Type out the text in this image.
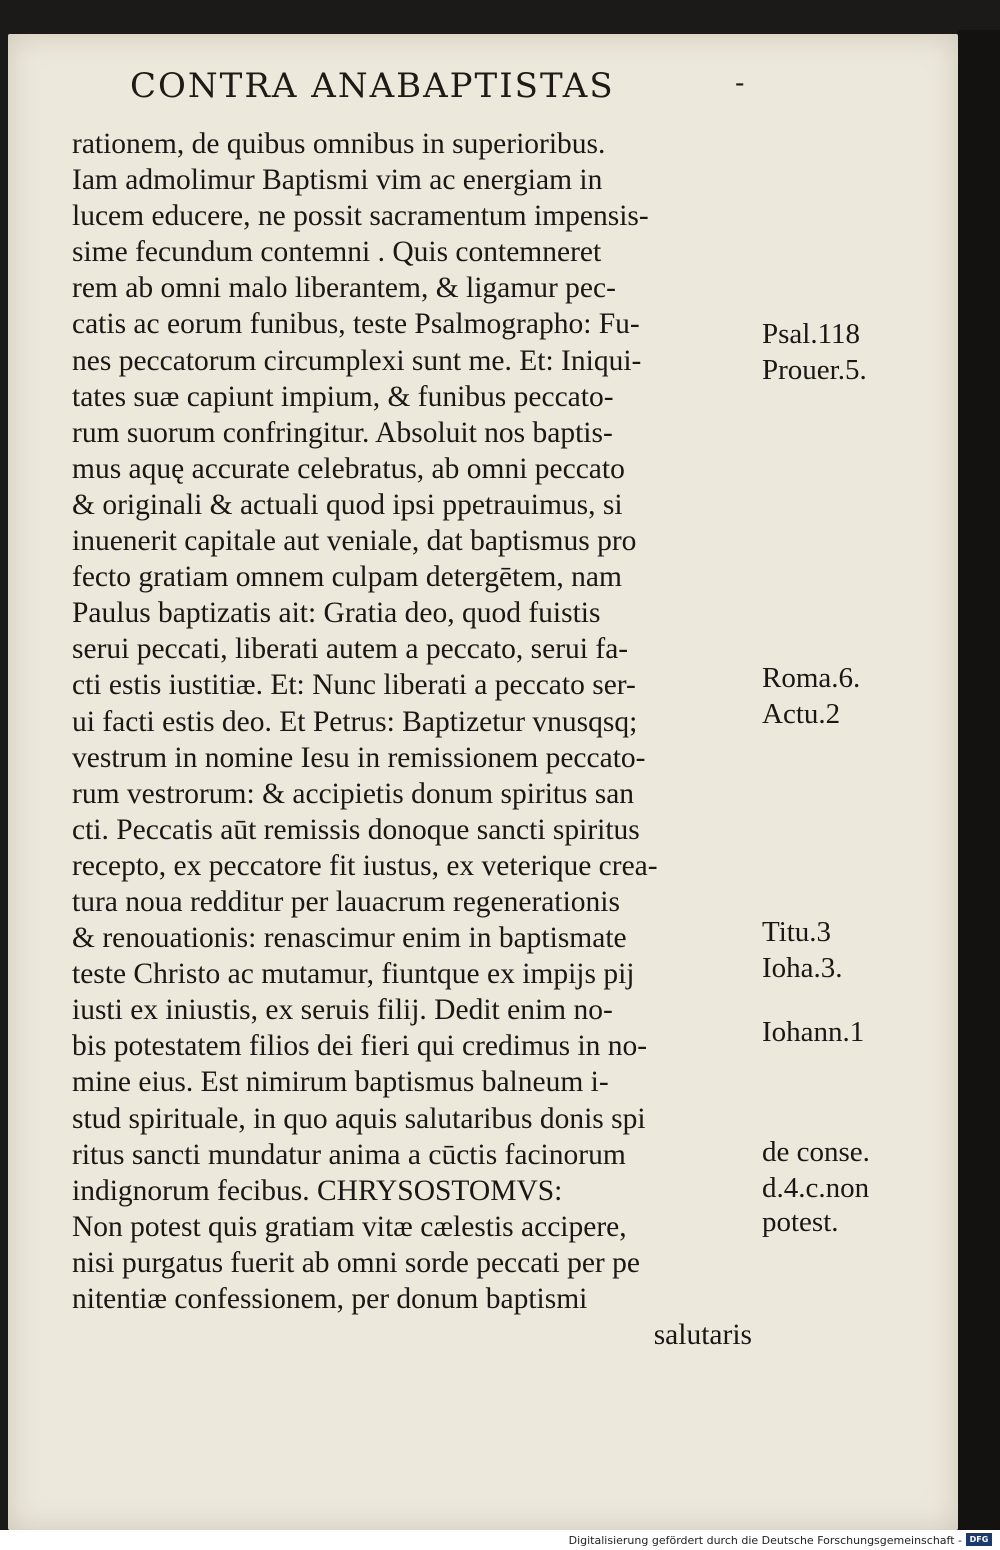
CONTRA ANABAPTISTAS	-
rationem, de quibus omnibus in superioribus.
Iam admolimur Baptismi vim ac energiam in
lucem educere, ne possit sacramentum impensis-
sime fecundum contemni . Quis contemneret
rem ab omni malo liberantem, & ligamur pec-
catis ac eorum funibus, teste Psalmographo: Fu-
nes peccatorum circumplexi sunt me. Et: Iniqui-
tates suæ capiunt impium, & funibus peccato-
rum suorum confringitur. Absoluit nos baptis-
mus aquę accurate celebratus, ab omni peccato
& originali & actuali quod ipsi ppetrauimus, si
inuenerit capitale aut veniale, dat baptismus pro
fecto gratiam omnem culpam detergētem, nam
Paulus baptizatis ait: Gratia deo, quod fuistis
serui peccati, liberati autem a peccato, serui fa-
cti estis iustitiæ. Et: Nunc liberati a peccato ser-
ui facti estis deo. Et Petrus: Baptizetur vnusqsq;
vestrum in nomine Iesu in remissionem peccato-
rum vestrorum: & accipietis donum spiritus san
cti. Peccatis aūt remissis donoque sancti spiritus
recepto, ex peccatore fit iustus, ex veterique crea-
tura noua redditur per lauacrum regenerationis
& renouationis: renascimur enim in baptismate
teste Christo ac mutamur, fiuntque ex impijs pij
iusti ex iniustis, ex seruis filij. Dedit enim no-
bis potestatem filios dei fieri qui credimus in no-
mine eius. Est nimirum baptismus balneum i-
stud spirituale, in quo aquis salutaribus donis spi
ritus sancti mundatur anima a cūctis facinorum
indignorum fecibus. CHRYSOSTOMVS:
Non potest quis gratiam vitæ cælestis accipere,
nisi purgatus fuerit ab omni sorde peccati per pe
nitentiæ confessionem, per donum baptismi
salutaris
Psal.118
Prouer.5.
Roma.6.
Actu.2
Titu.3
Ioha.3.
Iohann.1
de conse.
d.4.c.non
potest.
Digitalisierung gefördert durch die Deutsche Forschungsgemeinschaft - DFG
